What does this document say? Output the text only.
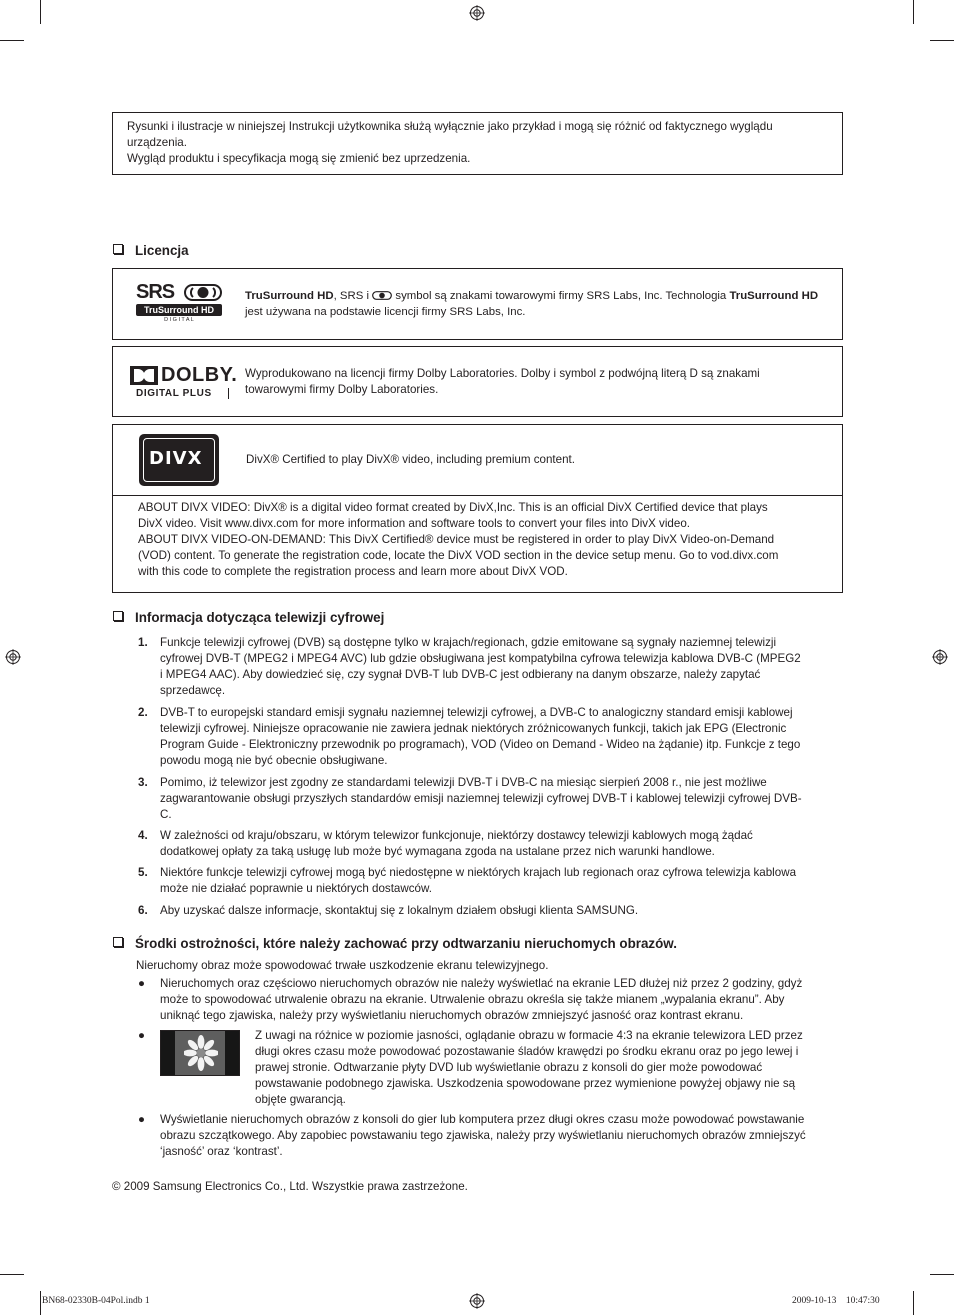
Rysunki i ilustracje w niniejszej Instrukcji użytkownika służą wyłącznie jako przykład i mogą się różnić od faktycznego wyglądu
urządzenia.
Wygląd produktu i specyfikacja mogą się zmienić bez uprzedzenia.
Licencja
SRS
TruSurround HD
D I G I T A L
TruSurround HD, SRS i symbol są znakami towarowymi firmy SRS Labs, Inc. Technologia TruSurround HD
jest używana na podstawie licencji firmy SRS Labs, Inc.
DOLBY.
DIGITAL PLUS
Wyprodukowano na licencji firmy Dolby Laboratories. Dolby i symbol z podwójną literą D są znakami
towarowymi firmy Dolby Laboratories.
DIVX	DivX® Certified to play DivX® video, including premium content.
ABOUT DIVX VIDEO: DivX® is a digital video format created by DivX,Inc. This is an official DivX Certified device that plays
DivX video. Visit www.divx.com for more information and software tools to convert your files into DivX video.
ABOUT DIVX VIDEO-ON-DEMAND: This DivX Certified® device must be registered in order to play DivX Video-on-Demand
(VOD) content. To generate the registration code, locate the DivX VOD section in the device setup menu. Go to vod.divx.com
with this code to complete the registration process and learn more about DivX VOD.
Informacja dotycząca telewizji cyfrowej
1. Funkcje telewizji cyfrowej (DVB) są dostępne tylko w krajach/regionach, gdzie emitowane są sygnały naziemnej telewizji
cyfrowej DVB-T (MPEG2 i MPEG4 AVC) lub gdzie obsługiwana jest kompatybilna cyfrowa telewizja kablowa DVB-C (MPEG2
i MPEG4 AAC). Aby dowiedzieć się, czy sygnał DVB-T lub DVB-C jest odbierany na danym obszarze, należy zapytać
sprzedawcę.
2. DVB-T to europejski standard emisji sygnału naziemnej telewizji cyfrowej, a DVB-C to analogiczny standard emisji kablowej
telewizji cyfrowej. Niniejsze opracowanie nie zawiera jednak niektórych zróżnicowanych funkcji, takich jak EPG (Electronic
Program Guide - Elektroniczny przewodnik po programach), VOD (Video on Demand - Wideo na żądanie) itp. Funkcje z tego
powodu mogą nie być obecnie obsługiwane.
3. Pomimo, iż telewizor jest zgodny ze standardami telewizji DVB-T i DVB-C na miesiąc sierpień 2008 r., nie jest możliwe
zagwarantowanie obsługi przyszłych standardów emisji naziemnej telewizji cyfrowej DVB-T i kablowej telewizji cyfrowej DVB-
C.
4. W zależności od kraju/obszaru, w którym telewizor funkcjonuje, niektórzy dostawcy telewizji kablowych mogą żądać
dodatkowej opłaty za taką usługę lub może być wymagana zgoda na ustalane przez nich warunki handlowe.
5. Niektóre funkcje telewizji cyfrowej mogą być niedostępne w niektórych krajach lub regionach oraz cyfrowa telewizja kablowa
może nie działać poprawnie u niektórych dostawców.
6. Aby uzyskać dalsze informacje, skontaktuj się z lokalnym działem obsługi klienta SAMSUNG.
Środki ostrożności, które należy zachować przy odtwarzaniu nieruchomych obrazów.
Nieruchomy obraz może spowodować trwałe uszkodzenie ekranu telewizyjnego.
● Nieruchomych oraz częściowo nieruchomych obrazów nie należy wyświetlać na ekranie LED dłużej niż przez 2 godziny, gdyż
może to spowodować utrwalenie obrazu na ekranie. Utrwalenie obrazu określa się także mianem „wypalania ekranu”. Aby
uniknąć tego zjawiska, należy przy wyświetlaniu nieruchomych obrazów zmniejszyć jasność oraz kontrast ekranu.
●	Z uwagi na różnice w poziomie jasności, oglądanie obrazu w formacie 4:3 na ekranie telewizora LED przez
długi okres czasu może powodować pozostawanie śladów krawędzi po środku ekranu oraz po jego lewej i
prawej stronie. Odtwarzanie płyty DVD lub wyświetlanie obrazu z konsoli do gier może powodować
powstawanie podobnego zjawiska. Uszkodzenia spowodowane przez wymienione powyżej objawy nie są
objęte gwarancją.
● Wyświetlanie nieruchomych obrazów z konsoli do gier lub komputera przez długi okres czasu może powodować powstawanie
obrazu szczątkowego. Aby zapobiec powstawaniu tego zjawiska, należy przy wyświetlaniu nieruchomych obrazów zmniejszyć
‘jasność’ oraz ‘kontrast’.
© 2009 Samsung Electronics Co., Ltd. Wszystkie prawa zastrzeżone.
BN68-02330B-04Pol.indb 1	2009-10-13    10:47:30
